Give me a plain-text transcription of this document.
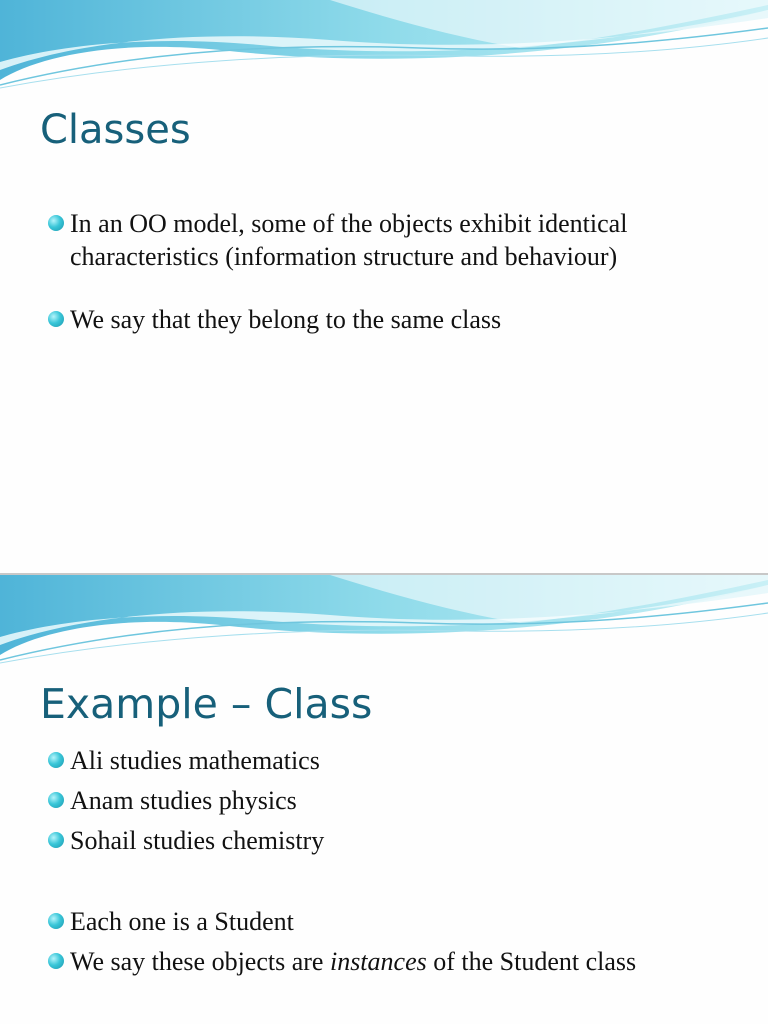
Classes
In an OO model, some of the objects exhibit identical characteristics (information structure and behaviour)
We say that they belong to the same class
Example – Class
Ali studies mathematics
Anam studies physics
Sohail studies chemistry
Each one is a Student
We say these objects are instances of the Student class
